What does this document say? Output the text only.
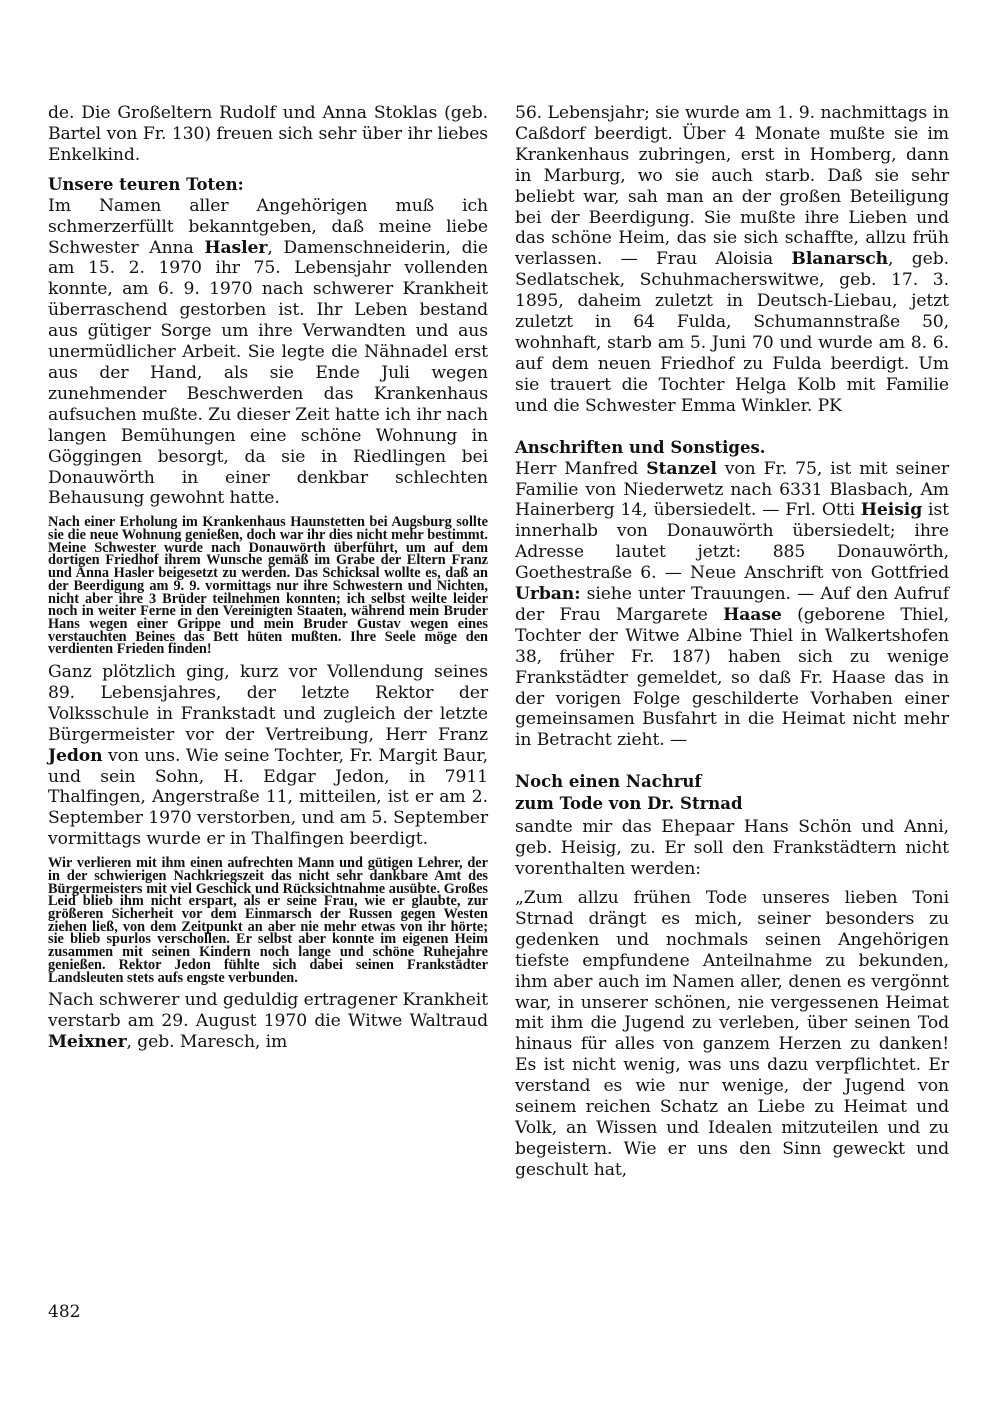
de. Die Großeltern Rudolf und Anna Stoklas (geb. Bartel von Fr. 130) freuen sich sehr über ihr liebes Enkelkind.

Unsere teuren Toten:

Im Namen aller Angehörigen muß ich schmerzerfüllt bekanntgeben, daß meine liebe Schwester Anna Hasler, Damenschneiderin, die am 15. 2. 1970 ihr 75. Lebensjahr vollenden konnte, am 6. 9. 1970 nach schwerer Krankheit überraschend gestorben ist. Ihr Leben bestand aus gütiger Sorge um ihre Verwandten und aus unermüdlicher Arbeit. Sie legte die Nähnadel erst aus der Hand, als sie Ende Juli wegen zunehmender Beschwerden das Krankenhaus aufsuchen mußte. Zu dieser Zeit hatte ich ihr nach langen Bemühungen eine schöne Wohnung in Göggingen besorgt, da sie in Riedlingen bei Donauwörth in einer denkbar schlechten Behausung gewohnt hatte.

Nach einer Erholung im Krankenhaus Haunstetten bei Augsburg sollte sie die neue Wohnung genießen, doch war ihr dies nicht mehr bestimmt. Meine Schwester wurde nach Donauwörth überführt, um auf dem dortigen Friedhof ihrem Wunsche gemäß im Grabe der Eltern Franz und Anna Hasler beigesetzt zu werden. Das Schicksal wollte es, daß an der Beerdigung am 9. 9. vormittags nur ihre Schwestern und Nichten, nicht aber ihre 3 Brüder teilnehmen konnten; ich selbst weilte leider noch in weiter Ferne in den Vereinigten Staaten, während mein Bruder Hans wegen einer Grippe und mein Bruder Gustav wegen eines verstauchten Beines das Bett hüten mußten. Ihre Seele möge den verdienten Frieden finden!

Ganz plötzlich ging, kurz vor Vollendung seines 89. Lebensjahres, der letzte Rektor der Volksschule in Frankstadt und zugleich der letzte Bürgermeister vor der Vertreibung, Herr Franz Jedon von uns. Wie seine Tochter, Fr. Margit Baur, und sein Sohn, H. Edgar Jedon, in 7911 Thalfingen, Angerstraße 11, mitteilen, ist er am 2. September 1970 verstorben, und am 5. September vormittags wurde er in Thalfingen beerdigt.

Wir verlieren mit ihm einen aufrechten Mann und gütigen Lehrer, der in der schwierigen Nachkriegszeit das nicht sehr dankbare Amt des Bürgermeisters mit viel Geschick und Rücksichtnahme ausübte. Großes Leid blieb ihm nicht erspart, als er seine Frau, wie er glaubte, zur größeren Sicherheit vor dem Einmarsch der Russen gegen Westen ziehen ließ, von dem Zeitpunkt an aber nie mehr etwas von ihr hörte; sie blieb spurlos verschollen. Er selbst aber konnte im eigenen Heim zusammen mit seinen Kindern noch lange und schöne Ruhejahre genießen. Rektor Jedon fühlte sich dabei seinen Frankstädter Landsleuten stets aufs engste verbunden.

Nach schwerer und geduldig ertragener Krankheit verstarb am 29. August 1970 die Witwe Waltraud Meixner, geb. Maresch, im

56. Lebensjahr; sie wurde am 1. 9. nachmittags in Caßdorf beerdigt. Über 4 Monate mußte sie im Krankenhaus zubringen, erst in Homberg, dann in Marburg, wo sie auch starb. Daß sie sehr beliebt war, sah man an der großen Beteiligung bei der Beerdigung. Sie mußte ihre Lieben und das schöne Heim, das sie sich schaffte, allzu früh verlassen. — Frau Aloisia Blanarsch, geb. Sedlatschek, Schuhmacherswitwe, geb. 17. 3. 1895, daheim zuletzt in Deutsch-Liebau, jetzt zuletzt in 64 Fulda, Schumannstraße 50, wohnhaft, starb am 5. Juni 70 und wurde am 8. 6. auf dem neuen Friedhof zu Fulda beerdigt. Um sie trauert die Tochter Helga Kolb mit Familie und die Schwester Emma Winkler. PK

Anschriften und Sonstiges.

Herr Manfred Stanzel von Fr. 75, ist mit seiner Familie von Niederwetz nach 6331 Blasbach, Am Hainerberg 14, übersiedelt. — Frl. Otti Heisig ist innerhalb von Donauwörth übersiedelt; ihre Adresse lautet jetzt: 885 Donauwörth, Goethestraße 6. — Neue Anschrift von Gottfried Urban: siehe unter Trauungen. — Auf den Aufruf der Frau Margarete Haase (geborene Thiel, Tochter der Witwe Albine Thiel in Walkertshofen 38, früher Fr. 187) haben sich zu wenige Frankstädter gemeldet, so daß Fr. Haase das in der vorigen Folge geschilderte Vorhaben einer gemeinsamen Busfahrt in die Heimat nicht mehr in Betracht zieht. —

Noch einen Nachruf
zum Tode von Dr. Strnad

sandte mir das Ehepaar Hans Schön und Anni, geb. Heisig, zu. Er soll den Frankstädtern nicht vorenthalten werden:

„Zum allzu frühen Tode unseres lieben Toni Strnad drängt es mich, seiner besonders zu gedenken und nochmals seinen Angehörigen tiefste empfundene Anteilnahme zu bekunden, ihm aber auch im Namen aller, denen es vergönnt war, in unserer schönen, nie vergessenen Heimat mit ihm die Jugend zu verleben, über seinen Tod hinaus für alles von ganzem Herzen zu danken! Es ist nicht wenig, was uns dazu verpflichtet. Er verstand es wie nur wenige, der Jugend von seinem reichen Schatz an Liebe zu Heimat und Volk, an Wissen und Idealen mitzuteilen und zu begeistern. Wie er uns den Sinn geweckt und geschult hat,

482
